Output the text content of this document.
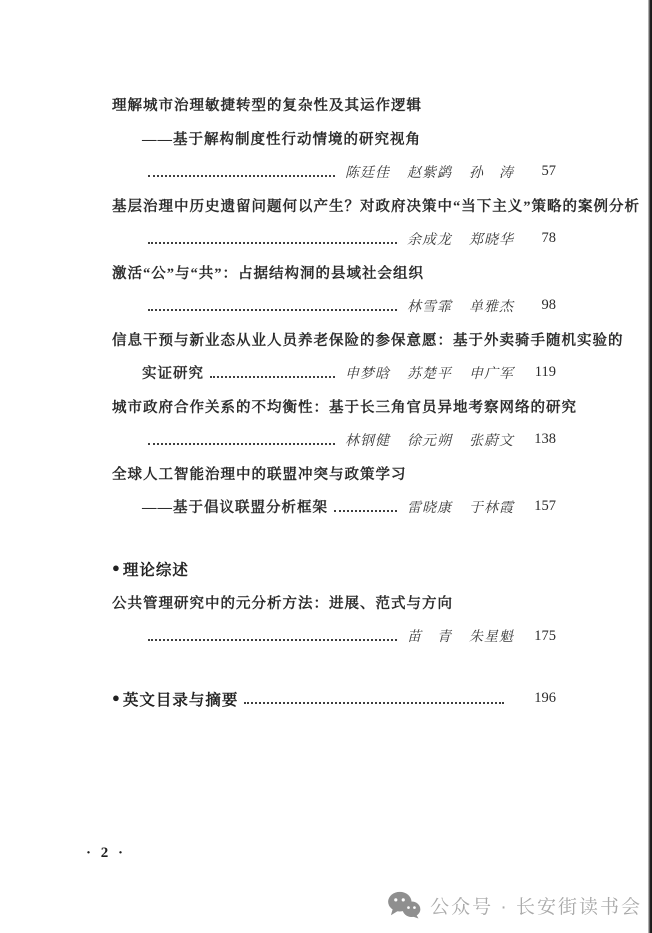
理解城市治理敏捷转型的复杂性及其运作逻辑
——基于解构制度性行动情境的研究视角
陈廷佳 赵紫鹢 孙　涛	57
基层治理中历史遗留问题何以产生？对政府决策中“当下主义”策略的案例分析
余成龙 郑晓华	78
激活“公”与“共”：占据结构洞的县域社会组织
林雪霏 单雅杰	98
信息干预与新业态从业人员养老保险的参保意愿：基于外卖骑手随机实验的
实证研究	申梦晗 苏楚平 申广军	119
城市政府合作关系的不均衡性：基于长三角官员异地考察网络的研究
林钢健 徐元朔 张蔚文 138
全球人工智能治理中的联盟冲突与政策学习
——基于倡议联盟分析框架	雷晓康 于林霞 157
● 理论综述
公共管理研究中的元分析方法：进展、范式与方向
苗　青 朱星魁 175
● 英文目录与摘要	196
· 2 ·
公众号 · 长安街读书会
